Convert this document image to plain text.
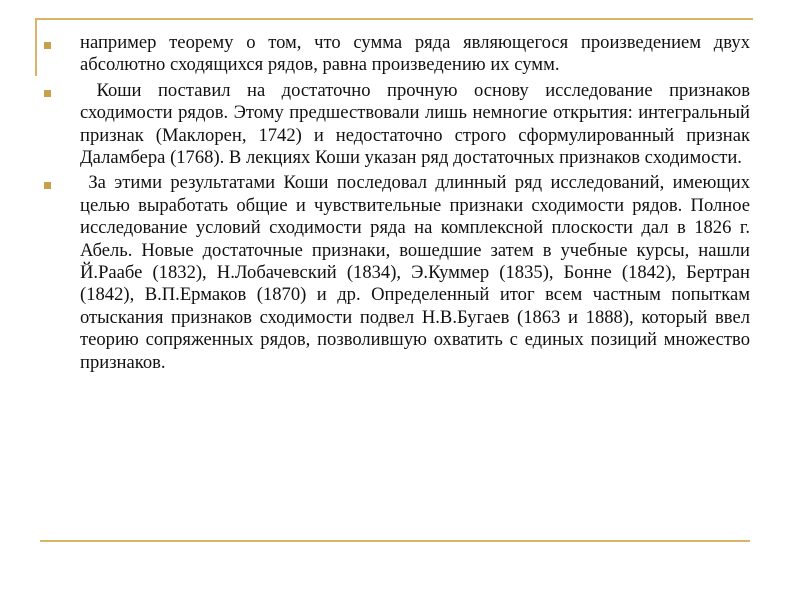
например теорему о том, что сумма ряда являющегося произведением двух абсолютно сходящихся рядов, равна произведению их сумм.
Коши поставил на достаточно прочную основу исследование признаков сходимости рядов. Этому предшествовали лишь немногие открытия: интегральный признак (Маклорен, 1742) и недостаточно строго сформулированный признак Даламбера (1768). В лекциях Коши указан ряд достаточных признаков сходимости.
За этими результатами Коши последовал длинный ряд исследований, имеющих целью выработать общие и чувствительные признаки сходимости рядов. Полное исследование условий сходимости ряда на комплексной плоскости дал в 1826 г. Абель. Новые достаточные признаки, вошедшие затем в учебные курсы, нашли Й.Раабе (1832), Н.Лобачевский (1834), Э.Куммер (1835), Бонне (1842), Бертран (1842), В.П.Ермаков (1870) и др. Определенный итог всем частным попыткам отыскания признаков сходимости подвел Н.В.Бугаев (1863 и 1888), который ввел теорию сопряженных рядов, позволившую охватить с единых позиций множество признаков.
